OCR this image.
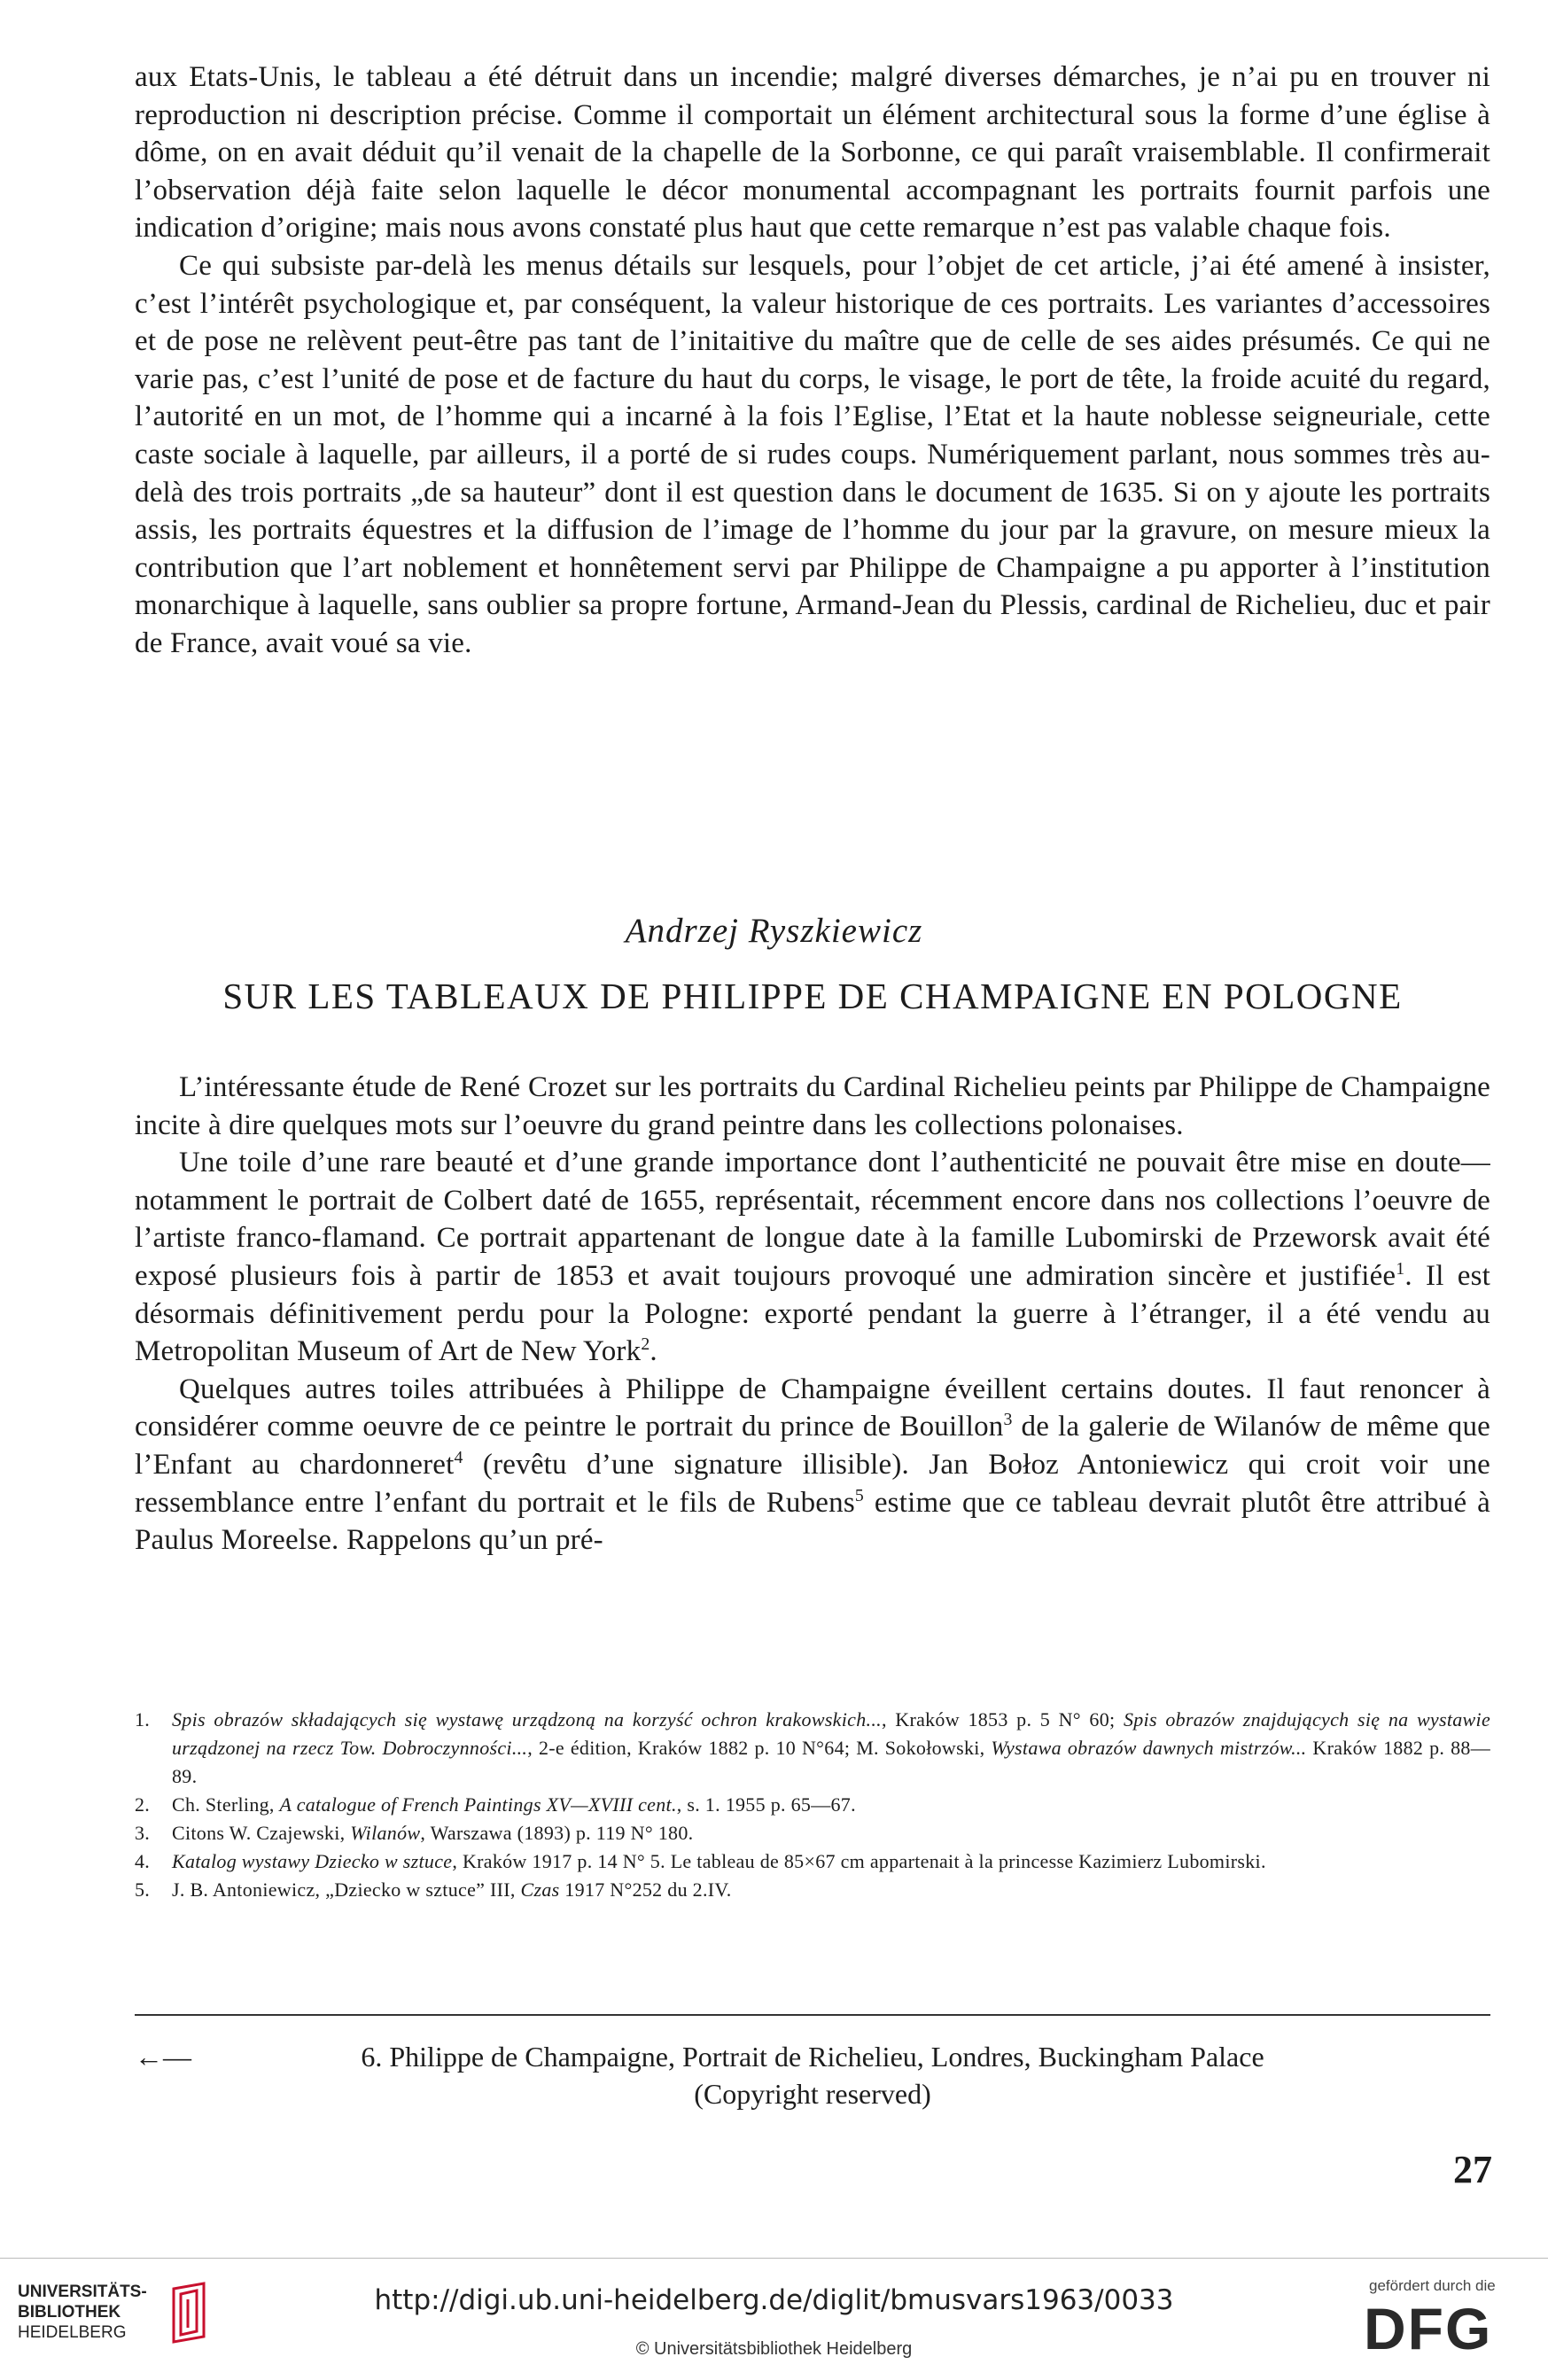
aux Etats-Unis, le tableau a été détruit dans un incendie; malgré diverses démarches, je n’ai pu en trouver ni reproduction ni description précise. Comme il comportait un élément architectural sous la forme d’une église à dôme, on en avait déduit qu’il venait de la chapelle de la Sorbonne, ce qui paraît vraisemblable. Il confirmerait l’observation déjà faite selon laquelle le décor monumental accompagnant les portraits fournit parfois une indication d’origine; mais nous avons constaté plus haut que cette remarque n’est pas valable chaque fois.

Ce qui subsiste par-delà les menus détails sur lesquels, pour l’objet de cet article, j’ai été amené à insister, c’est l’intérêt psychologique et, par conséquent, la valeur historique de ces portraits. Les variantes d’accessoires et de pose ne relèvent peut-être pas tant de l’initaitive du maître que de celle de ses aides présumés. Ce qui ne varie pas, c’est l’unité de pose et de facture du haut du corps, le visage, le port de tête, la froide acuité du regard, l’autorité en un mot, de l’homme qui a incarné à la fois l’Eglise, l’Etat et la haute noblesse seigneuriale, cette caste sociale à laquelle, par ailleurs, il a porté de si rudes coups. Numériquement parlant, nous sommes très au-delà des trois portraits „de sa hauteur” dont il est question dans le document de 1635. Si on y ajoute les portraits assis, les portraits équestres et la diffusion de l’image de l’homme du jour par la gravure, on mesure mieux la contribution que l’art noblement et honnêtement servi par Philippe de Champaigne a pu apporter à l’institution monarchique à laquelle, sans oublier sa propre fortune, Armand-Jean du Plessis, cardinal de Richelieu, duc et pair de France, avait voué sa vie.

Andrzej Ryszkiewicz
SUR LES TABLEAUX DE PHILIPPE DE CHAMPAIGNE EN POLOGNE

L’intéressante étude de René Crozet sur les portraits du Cardinal Richelieu peints par Philippe de Champaigne incite à dire quelques mots sur l’oeuvre du grand peintre dans les collections polonaises.

Une toile d’une rare beauté et d’une grande importance dont l’authenticité ne pouvait être mise en doute—notamment le portrait de Colbert daté de 1655, représentait, récemment encore dans nos collections l’oeuvre de l’artiste franco-flamand. Ce portrait appartenant de longue date à la famille Lubomirski de Przeworsk avait été exposé plusieurs fois à partir de 1853 et avait toujours provoqué une admiration sincère et justifiée$^1$. Il est désormais définitivement perdu pour la Pologne: exporté pendant la guerre à l’étranger, il a été vendu au Metropolitan Museum of Art de New York$^2$.

Quelques autres toiles attribuées à Philippe de Champaigne éveillent certains doutes. Il faut renoncer à considérer comme oeuvre de ce peintre le portrait du prince de Bouillon$^3$ de la galerie de Wilanów de même que l’Enfant au chardonneret$^4$ (revêtu d’une signature illisible). Jan Bołoz Antoniewicz qui croit voir une ressemblance entre l’enfant du portrait et le fils de Rubens$^5$ estime que ce tableau devrait plutôt être attribué à Paulus Moreelse. Rappelons qu’un pré-

1. Spis obrazów składających się wystawę urządzoną na korzyść ochron krakowskich..., Kraków 1853 p. 5 N° 60; Spis obrazów znajdujących się na wystawie urządzonej na rzecz Tow. Dobroczynności..., 2-e édition, Kraków 1882 p. 10 N°64; M. Sokołowski, Wystawa obrazów dawnych mistrzów... Kraków 1882 p. 88—89.

2. Ch. Sterling, A catalogue of French Paintings XV—XVIII cent., s. 1. 1955 p. 65—67.

3. Citons W. Czajewski, Wilanów, Warszawa (1893) p. 119 N° 180.

4. Katalog wystawy Dziecko w sztuce, Kraków 1917 p. 14 N° 5. Le tableau de 85×67 cm appartenait à la princesse Kazimierz Lubomirski.

5. J. B. Antoniewicz, „Dziecko w sztuce” III, Czas 1917 N°252 du 2.IV.

←—	6. Philippe de Champaigne, Portrait de Richelieu, Londres, Buckingham Palace
(Copyright reserved)
27
UNIVERSITÄTS-
BIBLIOTHEK
HEIDELBERG
http://digi.ub.uni-heidelberg.de/diglit/bmusvars1963/0033
© Universitätsbibliothek Heidelberg
gefördert durch die
DFG
